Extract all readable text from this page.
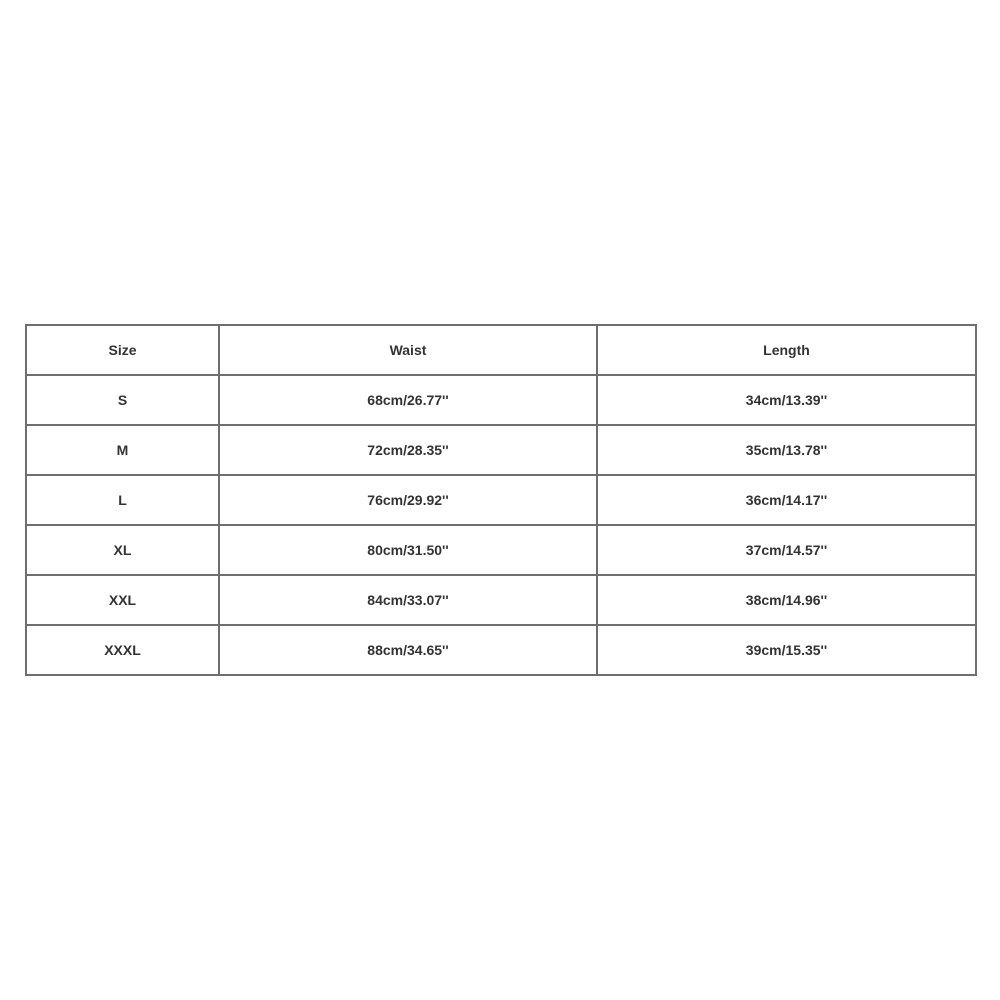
Size	Waist	Length
S	68cm/26.77''	34cm/13.39''
M	72cm/28.35''	35cm/13.78''
L	76cm/29.92''	36cm/14.17''
XL	80cm/31.50''	37cm/14.57''
XXL	84cm/33.07''	38cm/14.96''
XXXL	88cm/34.65''	39cm/15.35''
